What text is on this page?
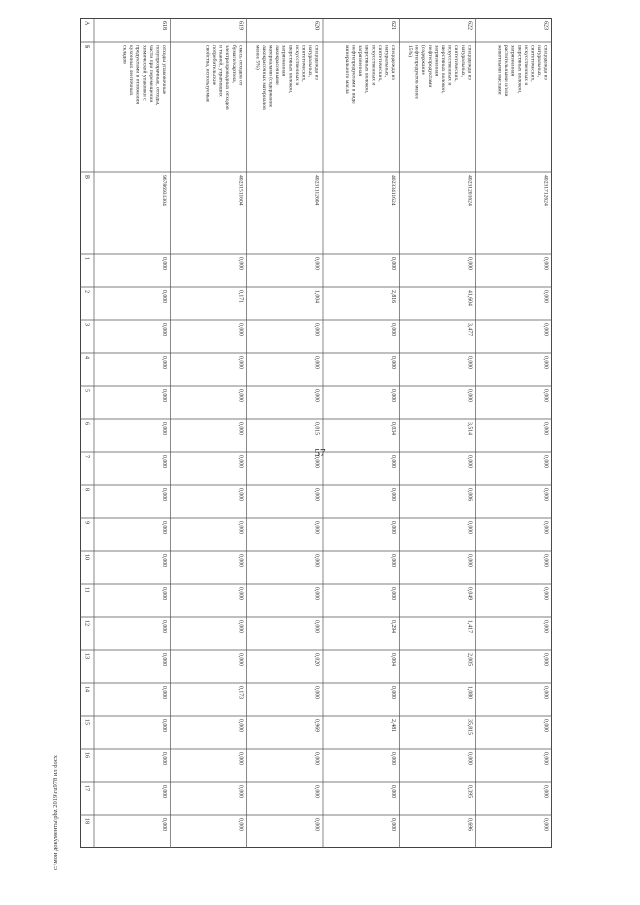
57
А
Б
В
1
2
3
4
5
6
7
8
9
10
11
12
13
14
15
16
17
18
618
отходы упаковочные
полупрозрачные, отходы,
части при перемещении
химической упаковки с
продуктами в отложения
кухонных ленточных
складов
96786931304
0,000
0,000
0,000
0,000
0,000
0,000
0,000
0,000
0,000
0,000
0,000
0,000
0,000
0,000
0,000
0,000
0,000
0,000
619
смесь отходов от
бумаги/картона,
электропроводных отходов
и тканей, утративших
потребительские
свойства, используемые
40231511604
0,000
0,171
0,000
0,000
0,000
0,000
0,000
0,000
0,000
0,000
0,000
0,000
0,000
0,173
0,000
0,000
0,000
0,000
620
спецодежда из
натуральных,
синтетических,
искусственных и
шерстяных волокон,
загрязненная
лакокрасочными
материалами (содержание
лакокрасочных материалов
менее 5%)
40231112604
0,000
1,004
0,000
0,000
0,000
0,015
0,000
0,000
0,000
0,000
0,000
0,000
0,020
0,000
0,969
0,000
0,000
0,000
621
спецодежда из
натуральных,
синтетических,
искусственных и
шерстяных волокон,
загрязненная
нефтепродуктами в виде
минерального масла
40233411624
0,000
2,816
0,000
0,000
0,000
0,034
0,000
0,000
0,000
0,000
0,000
0,294
0,004
0,000
2,481
0,000
0,000
0,000
622
спецодежда из
натуральных,
синтетических,
искусственных и
шерстяных волокон,
загрязненная
нефтепродуктами
(содержание
нефтепродуктов менее
15%)
40231201624
0,000
41,604
3,477
0,000
0,000
3,514
0,000
0,006
0,000
0,000
0,049
1,417
2,005
1,080
35,815
0,000
0,395
0,696
623
спецодежда из
натуральных,
синтетических,
искусственных и
шерстяных волокон,
загрязненная
растительными и/или
животными маслами
40231712624
0,000
0,000
0,000
0,000
0,000
0,000
0,000
0,000
0,000
0,000
0,000
0,000
0,000
0,000
0,000
0,000
0,000
0,000
c:\мои документы\pbz 2019\ru978 ил docx
